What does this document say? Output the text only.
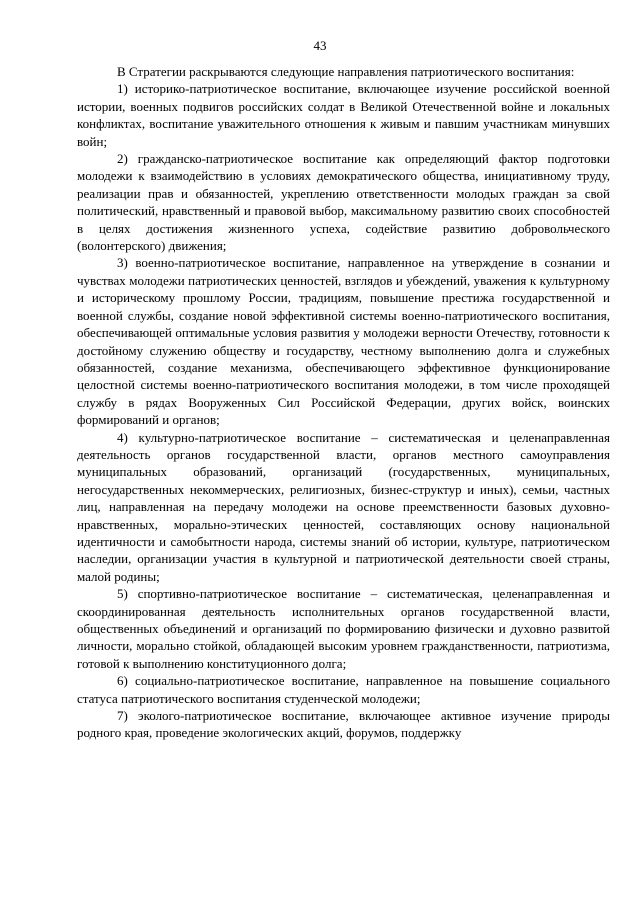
43

В Стратегии раскрываются следующие направления патриотического воспитания:

1) историко-патриотическое воспитание, включающее изучение российской военной истории, военных подвигов российских солдат в Великой Отечественной войне и локальных конфликтах, воспитание уважительного отношения к живым и павшим участникам минувших войн;

2) гражданско-патриотическое воспитание как определяющий фактор подготовки молодежи к взаимодействию в условиях демократического общества, инициативному труду, реализации прав и обязанностей, укреплению ответственности молодых граждан за свой политический, нравственный и правовой выбор, максимальному развитию своих способностей в целях достижения жизненного успеха, содействие развитию добровольческого (волонтерского) движения;

3) военно-патриотическое воспитание, направленное на утверждение в сознании и чувствах молодежи патриотических ценностей, взглядов и убеждений, уважения к культурному и историческому прошлому России, традициям, повышение престижа государственной и военной службы, создание новой эффективной системы военно-патриотического воспитания, обеспечивающей оптимальные условия развития у молодежи верности Отечеству, готовности к достойному служению обществу и государству, честному выполнению долга и служебных обязанностей, создание механизма, обеспечивающего эффективное функционирование целостной системы военно-патриотического воспитания молодежи, в том числе проходящей службу в рядах Вооруженных Сил Российской Федерации, других войск, воинских формирований и органов;

4) культурно-патриотическое воспитание – систематическая и целенаправленная деятельность органов государственной власти, органов местного самоуправления муниципальных образований, организаций (государственных, муниципальных, негосударственных некоммерческих, религиозных, бизнес-структур и иных), семьи, частных лиц, направленная на передачу молодежи на основе преемственности базовых духовно-нравственных, морально-этических ценностей, составляющих основу национальной идентичности и самобытности народа, системы знаний об истории, культуре, патриотическом наследии, организации участия в культурной и патриотической деятельности своей страны, малой родины;

5) спортивно-патриотическое воспитание – систематическая, целенаправленная и скоординированная деятельность исполнительных органов государственной власти, общественных объединений и организаций по формированию физически и духовно развитой личности, морально стойкой, обладающей высоким уровнем гражданственности, патриотизма, готовой к выполнению конституционного долга;

6) социально-патриотическое воспитание, направленное на повышение социального статуса патриотического воспитания студенческой молодежи;

7) эколого-патриотическое воспитание, включающее активное изучение природы родного края, проведение экологических акций, форумов, поддержку
